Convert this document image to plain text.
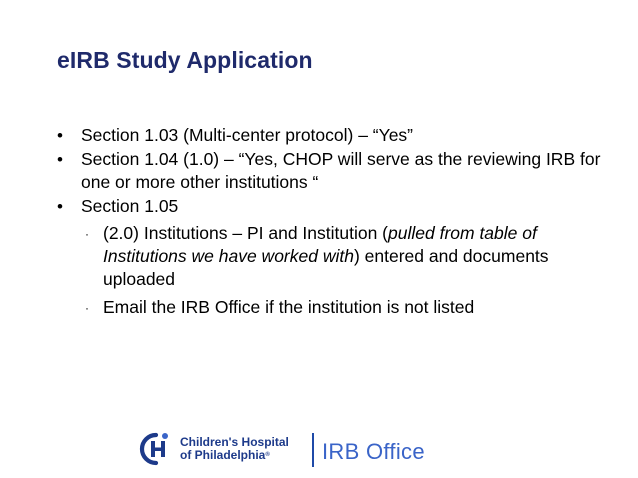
eIRB Study Application
• Section 1.03 (Multi-center protocol) – “Yes”
• Section 1.04 (1.0) – “Yes, CHOP will serve as the reviewing IRB for one or more other institutions “
• Section 1.05
· (2.0) Institutions – PI and Institution (pulled from table of Institutions we have worked with) entered and documents uploaded
· Email the IRB Office if the institution is not listed
Children's Hospital
of Philadelphia®	IRB Office
